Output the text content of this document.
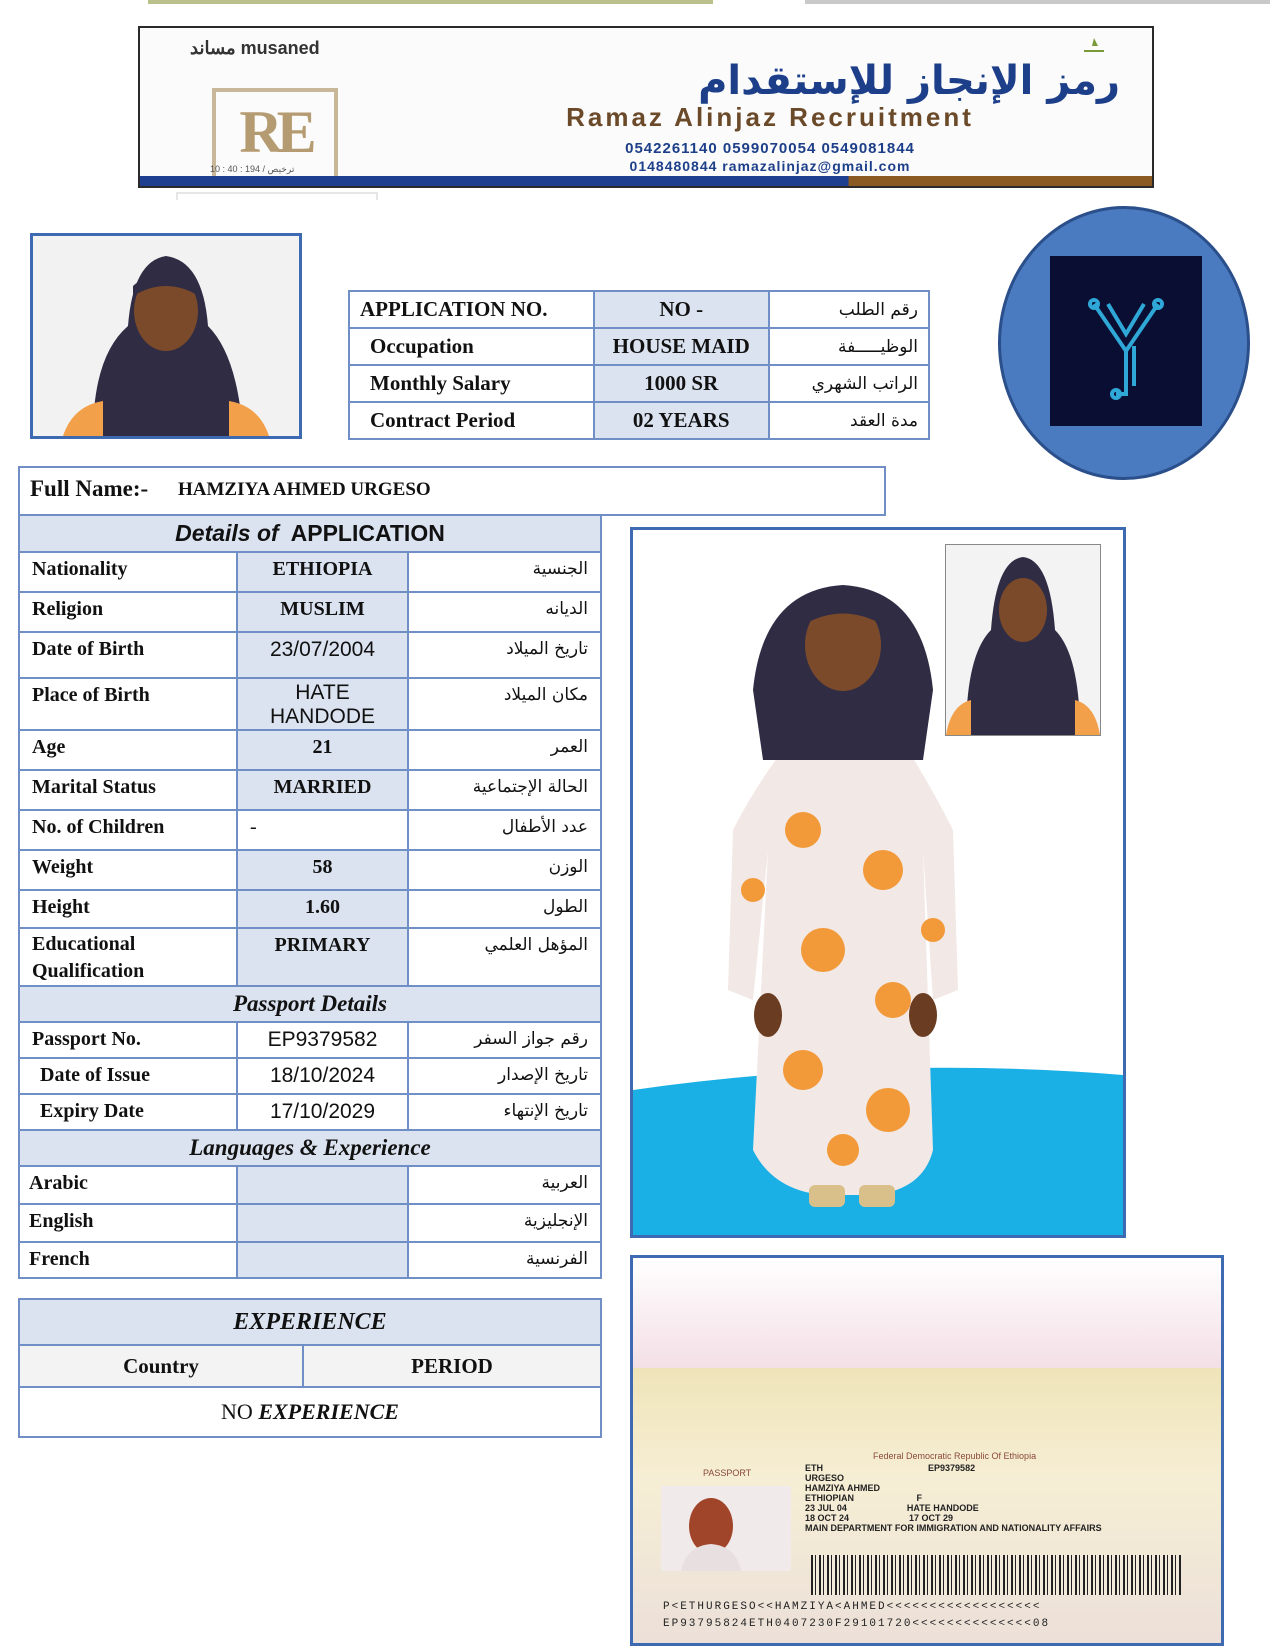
مساند musaned
RE
10 : 40 : 194 / ترخيص
رمز الإنجاز للإستقدام
Ramaz Alinjaz Recruitment
0542261140 0599070054 0549081844
0148480844 ramazalinjaz@gmail.com
APPLICATION NO.	NO -	رقم الطلب
Occupation	HOUSE MAID	الوظيـــــفة
Monthly Salary	1000 SR	الراتب الشهري
Contract Period	02 YEARS	مدة العقد
Full Name:- HAMZIYA AHMED URGESO
Details of APPLICATION		
Nationality	ETHIOPIA	الجنسية
Religion	MUSLIM	الديانه
Date of Birth	23/07/2004	تاريخ الميلاد
Place of Birth	HATE HANDODE	مكان الميلاد
Age	21	العمر
Marital Status	MARRIED	الحالة الإجتماعية
No. of Children	-	عدد الأطفال
Weight	58	الوزن
Height	1.60	الطول
Educational Qualification	PRIMARY	المؤهل العلمي
Passport Details		
Passport No.	EP9379582	رقم جواز السفر
Date of Issue	18/10/2024	تاريخ الإصدار
Expiry Date	17/10/2029	تاريخ الإنتهاء
Languages & Experience		
Arabic		العربية
English		الإنجليزية
French		الفرنسية
EXPERIENCE
Country	PERIOD
NO EXPERIENCE
Federal Democratic Republic Of Ethiopia
PASSPORT	ETH	EP9379582
URGESO
HAMZIYA AHMED
ETHIOPIAN	F
23 JUL 04	HATE HANDODE
18 OCT 24	17 OCT 29
MAIN DEPARTMENT FOR IMMIGRATION AND NATIONALITY AFFAIRS
P<ETHURGESO<<HAMZIYA<AHMED<<<<<<<<<<<<<<<<<<
EP93795824ETH0407230F29101720<<<<<<<<<<<<<<08
